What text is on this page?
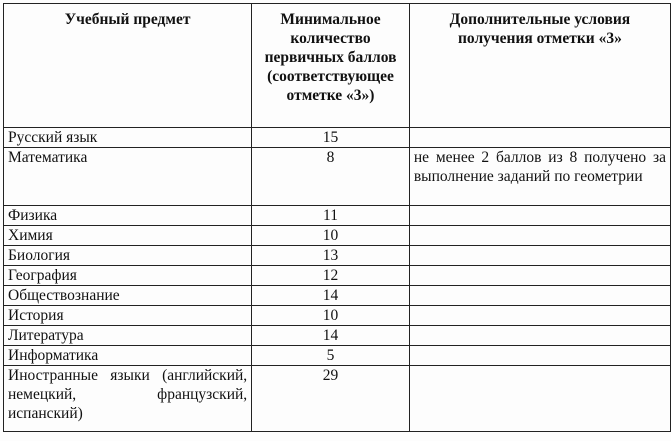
Учебный предмет	Минимальное количество первичных баллов (соответствующее отметке «3»)	Дополнительные условия получения отметки «3»
Русский язык	15	
Математика	8	не менее 2 баллов из 8 получено за выполнение заданий по геометрии
Физика	11	
Химия	10	
Биология	13	
География	12	
Обществознание	14	
История	10	
Литература	14	
Информатика	5	
Иностранные языки (английский, немецкий, французский, испанский)	29	
